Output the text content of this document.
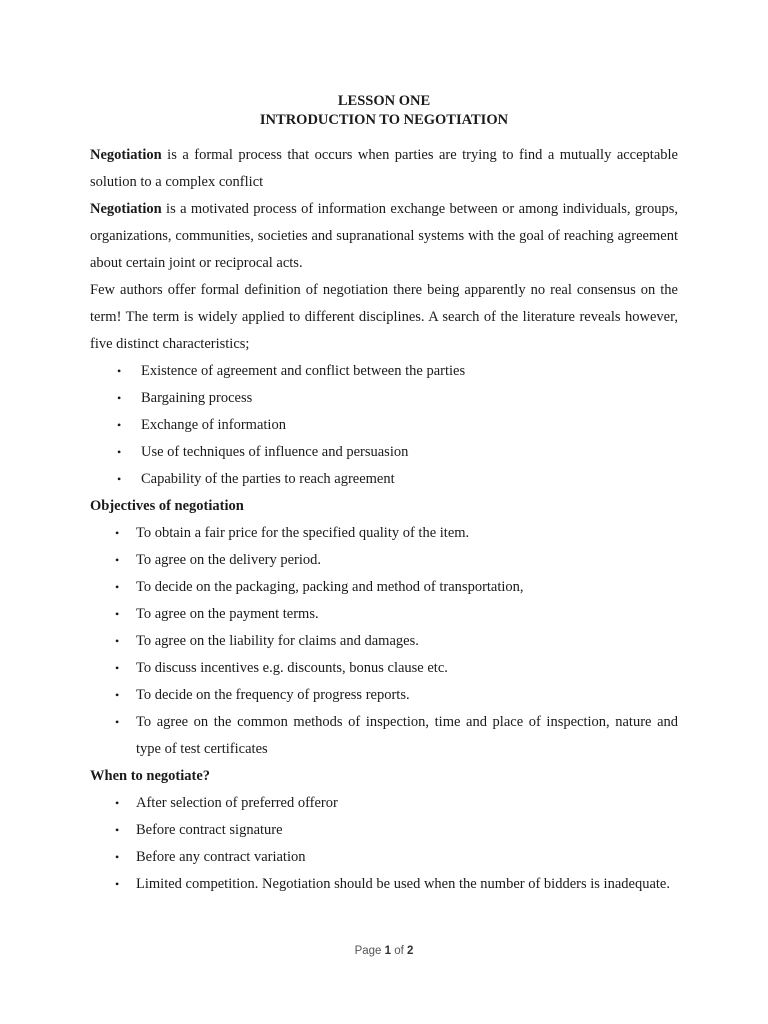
LESSON ONE
INTRODUCTION TO NEGOTIATION

Negotiation is a formal process that occurs when parties are trying to find a mutually acceptable solution to a complex conflict

Negotiation is a motivated process of information exchange between or among individuals, groups, organizations, communities, societies and supranational systems with the goal of reaching agreement about certain joint or reciprocal acts.

Few authors offer formal definition of negotiation there being apparently no real consensus on the term! The term is widely applied to different disciplines. A search of the literature reveals however, five distinct characteristics;

• Existence of agreement and conflict between the parties
• Bargaining process
• Exchange of information
• Use of techniques of influence and persuasion
• Capability of the parties to reach agreement

Objectives of negotiation

• To obtain a fair price for the specified quality of the item.
• To agree on the delivery period.
• To decide on the packaging, packing and method of transportation,
• To agree on the payment terms.
• To agree on the liability for claims and damages.
• To discuss incentives e.g. discounts, bonus clause etc.
• To decide on the frequency of progress reports.
• To agree on the common methods of inspection, time and place of inspection, nature and type of test certificates

When to negotiate?

• After selection of preferred offeror
• Before contract signature
• Before any contract variation
• Limited competition. Negotiation should be used when the number of bidders is inadequate.
Page 1 of 2
